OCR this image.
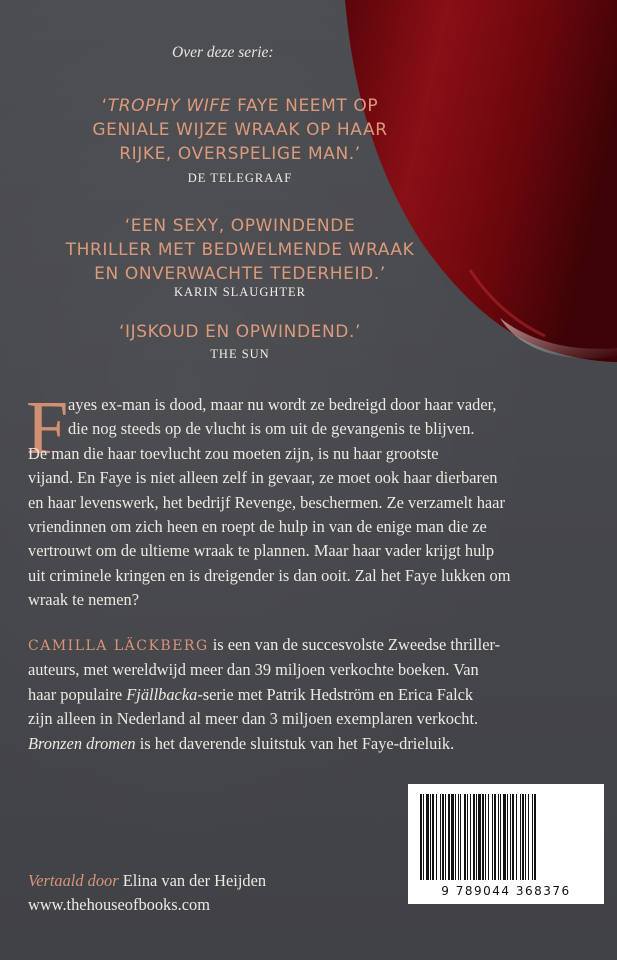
Over deze serie:
‘TROPHY WIFE FAYE NEEMT OP
GENIALE WIJZE WRAAK OP HAAR
RIJKE, OVERSPELIGE MAN.’
DE TELEGRAAF
‘EEN SEXY, OPWINDENDE
THRILLER MET BEDWELMENDE WRAAK
EN ONVERWACHTE TEDERHEID.’
KARIN SLAUGHTER
‘IJSKOUD EN OPWINDEND.’
THE SUN
F ayes ex-man is dood, maar nu wordt ze bedreigd door haar vader,
die nog steeds op de vlucht is om uit de gevangenis te blijven.
De man die haar toevlucht zou moeten zijn, is nu haar grootste
vijand. En Faye is niet alleen zelf in gevaar, ze moet ook haar dierbaren
en haar levenswerk, het bedrijf Revenge, beschermen. Ze verzamelt haar
vriendinnen om zich heen en roept de hulp in van de enige man die ze
vertrouwt om de ultieme wraak te plannen. Maar haar vader krijgt hulp
uit criminele kringen en is dreigender is dan ooit. Zal het Faye lukken om
wraak te nemen?
CAMILLA LÄCKBERG is een van de succesvolste Zweedse thriller-
auteurs, met wereldwijd meer dan 39 miljoen verkochte boeken. Van
haar populaire Fjällbacka-serie met Patrik Hedström en Erica Falck
zijn alleen in Nederland al meer dan 3 miljoen exemplaren verkocht.
Bronzen dromen is het daverende sluitstuk van het Faye-drieluik.
9 789044 368376
Vertaald door Elina van der Heijden
www.thehouseofbooks.com
